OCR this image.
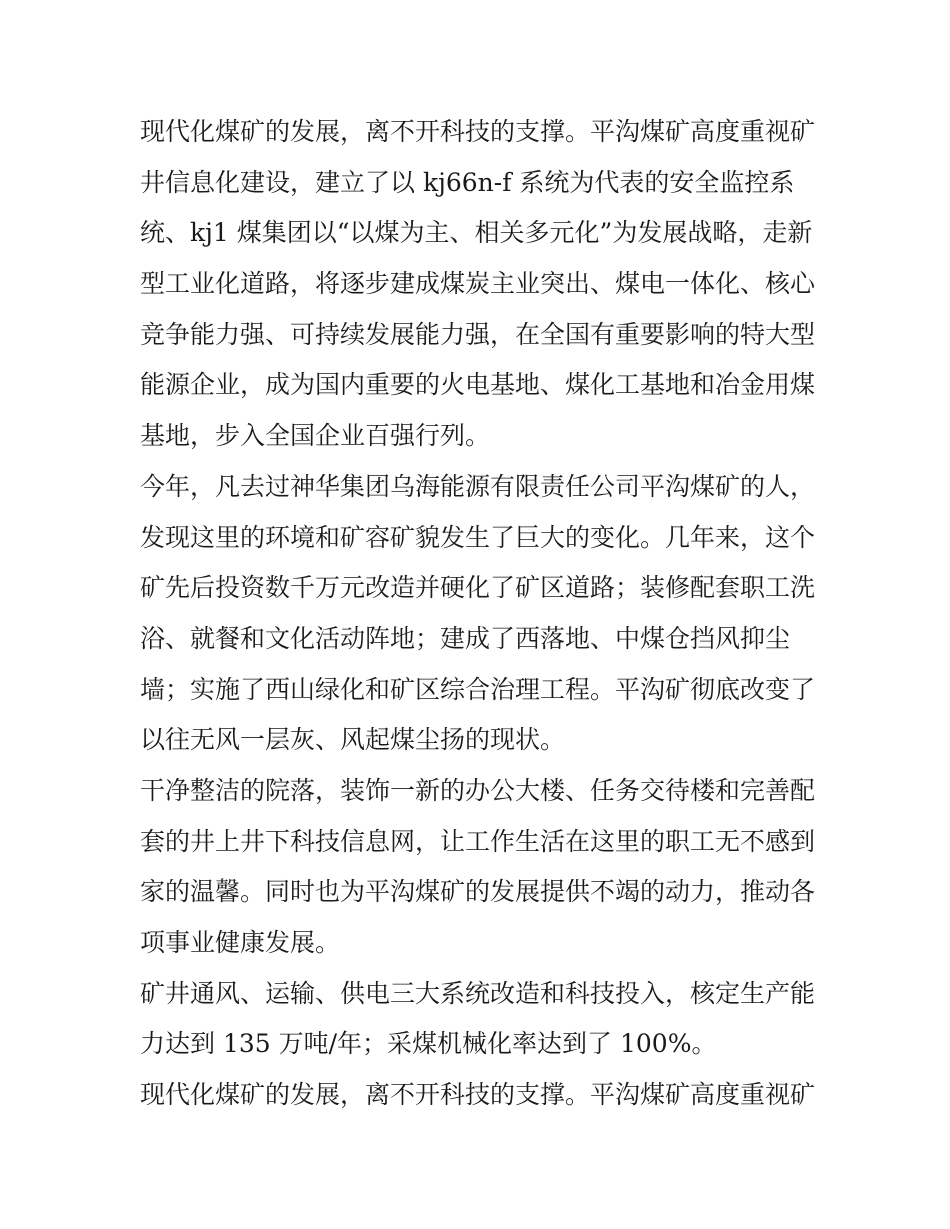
现代化煤矿的发展，离不开科技的支撑。平沟煤矿高度重视矿
井信息化建设，建立了以 kj66n-f 系统为代表的安全监控系
统、kj1 煤集团以“以煤为主、相关多元化”为发展战略，走新
型工业化道路，将逐步建成煤炭主业突出、煤电一体化、核心
竞争能力强、可持续发展能力强，在全国有重要影响的特大型
能源企业，成为国内重要的火电基地、煤化工基地和冶金用煤
基地，步入全国企业百强行列。
今年，凡去过神华集团乌海能源有限责任公司平沟煤矿的人，
发现这里的环境和矿容矿貌发生了巨大的变化。几年来，这个
矿先后投资数千万元改造并硬化了矿区道路；装修配套职工洗
浴、就餐和文化活动阵地；建成了西落地、中煤仓挡风抑尘
墙；实施了西山绿化和矿区综合治理工程。平沟矿彻底改变了
以往无风一层灰、风起煤尘扬的现状。
干净整洁的院落，装饰一新的办公大楼、任务交待楼和完善配
套的井上井下科技信息网，让工作生活在这里的职工无不感到
家的温馨。同时也为平沟煤矿的发展提供不竭的动力，推动各
项事业健康发展。
矿井通风、运输、供电三大系统改造和科技投入，核定生产能
力达到 135 万吨/年；采煤机械化率达到了 100%。
现代化煤矿的发展，离不开科技的支撑。平沟煤矿高度重视矿
